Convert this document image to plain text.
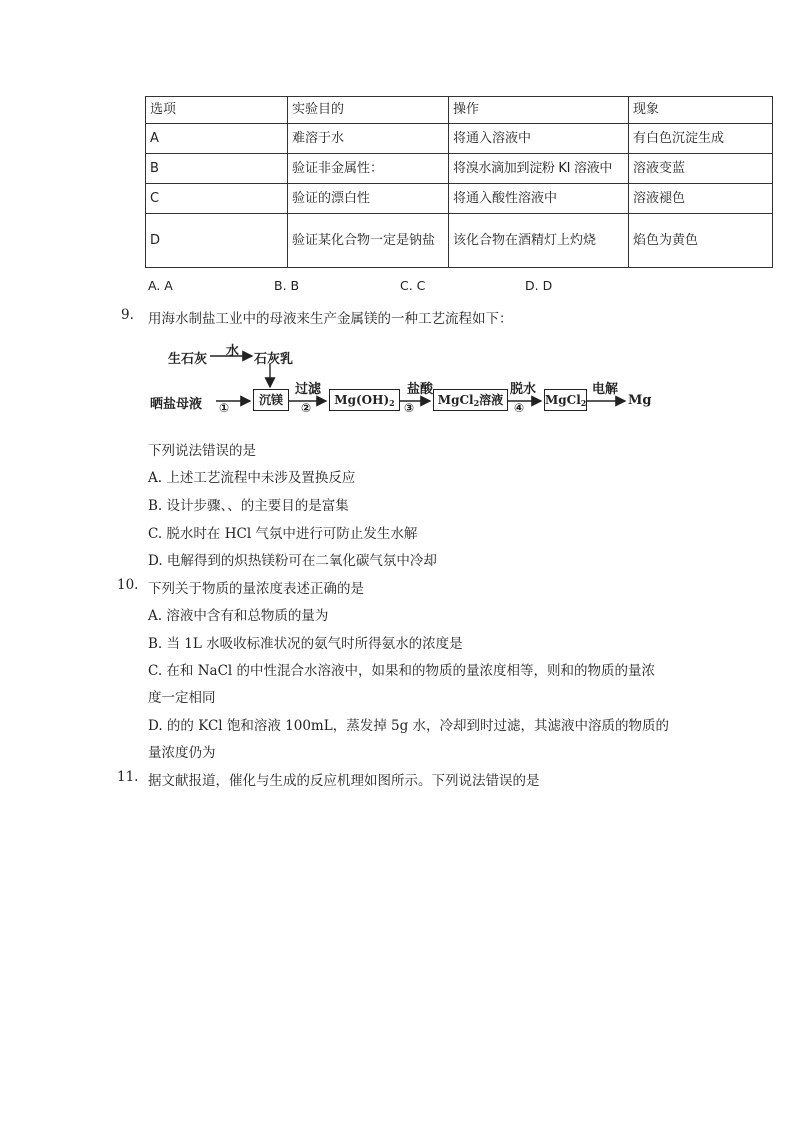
选项	实验目的	操作	现象
A	难溶于水	将通入溶液中	有白色沉淀生成
B	验证非金属性：	将溴水滴加到淀粉 KI 溶液中	溶液变蓝
C	验证的漂白性	将通入酸性溶液中	溶液褪色
D	验证某化合物一定是钠盐	该化合物在酒精灯上灼烧	焰色为黄色
A. A	B. B	C. C	D. D
9. 用海水制盐工业中的母液来生产金属镁的一种工艺流程如下：
生石灰
水
石灰乳
晒盐母液	沉镁
过滤
$Mg(OH)_2$
盐酸
MgCl$_2$溶液
脱水
MgCl$_2$
电解
Mg
①	②	③	④
下列说法错误的是
A. 上述工艺流程中未涉及置换反应
B. 设计步骤、、的主要目的是富集
C. 脱水时在 HCl 气氛中进行可防止发生水解
D. 电解得到的炽热镁粉可在二氧化碳气氛中冷却
10. 下列关于物质的量浓度表述正确的是
A. 溶液中含有和总物质的量为
B. 当 1L 水吸收标准状况的氨气时所得氨水的浓度是
C. 在和 NaCl 的中性混合水溶液中，如果和的物质的量浓度相等，则和的物质的量浓
度一定相同
D. 的的 KCl 饱和溶液 100mL，蒸发掉 5g 水，冷却到时过滤，其滤液中溶质的物质的
量浓度仍为
11. 据文献报道，催化与生成的反应机理如图所示。下列说法错误的是
